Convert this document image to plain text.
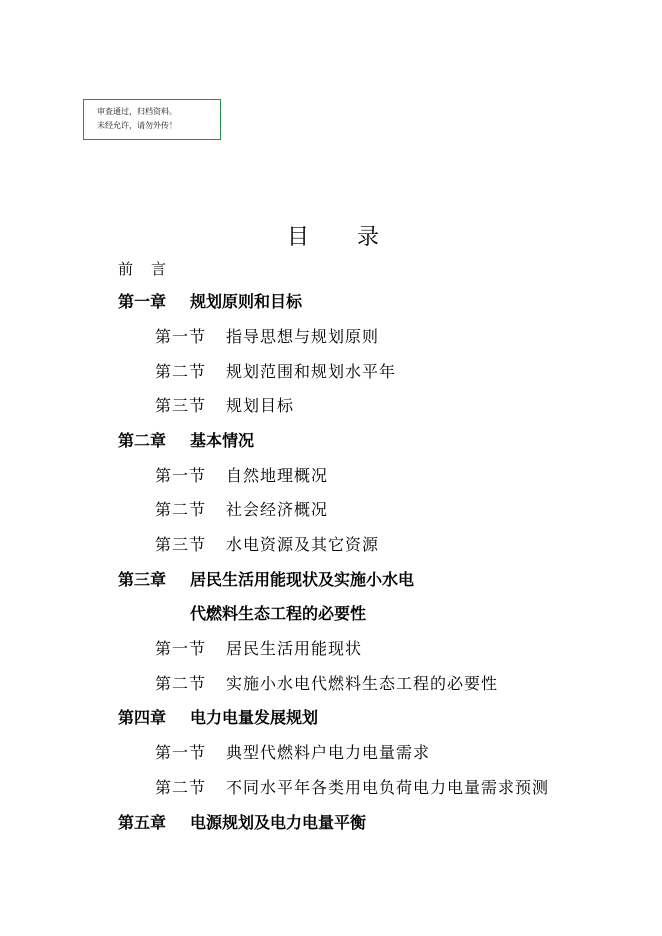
审查通过，归档资料。
未经允许，请勿外传！
目 录
前 言
第一章 规划原则和目标
第一节 指导思想与规划原则
第二节 规划范围和规划水平年
第三节 规划目标
第二章 基本情况
第一节 自然地理概况
第二节 社会经济概况
第三节 水电资源及其它资源
第三章 居民生活用能现状及实施小水电
代燃料生态工程的必要性
第一节 居民生活用能现状
第二节 实施小水电代燃料生态工程的必要性
第四章 电力电量发展规划
第一节 典型代燃料户电力电量需求
第二节 不同水平年各类用电负荷电力电量需求预测
第五章 电源规划及电力电量平衡
